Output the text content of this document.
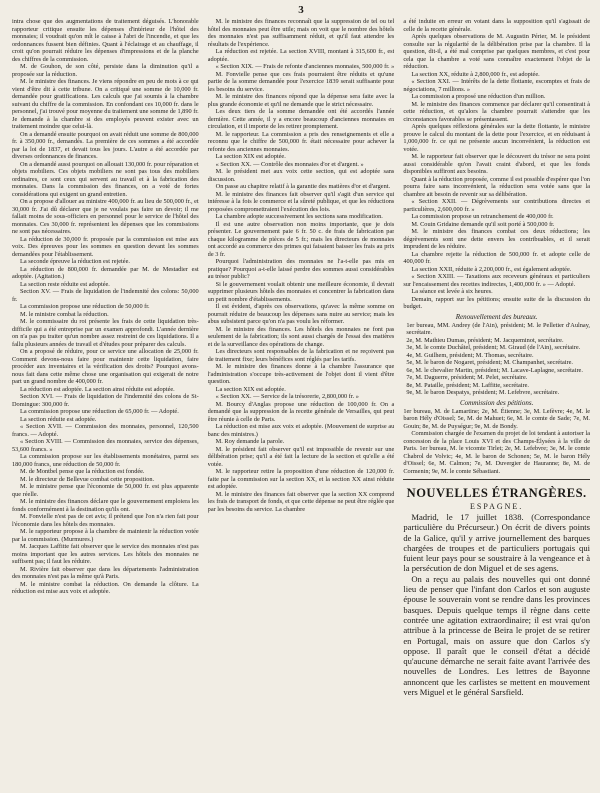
3

intra chose que des augmentations de traitement déguisés. L'honorable rapporteur critique ensuite les dépenses d'intérieur de l'hôtel des monnaies; il voudrait qu'on mît le caisse à l'abri de l'incendie, et que les ordonnances fussent bien définies. Quant à l'éclairage et au chauffage, il croit qu'on pourrait réduire les dépenses d'impressions et de la planche des chiffres de la commission.

M. de Gouhon, de son côté, persiste dans la diminution qu'il a proposée sur la réduction.

M. le ministre des finances. Je viens répondre en peu de mots à ce qui vient d'être dit à cette tribune. On a critiqué une somme de 10,000 fr. demandée pour gratifications. Les calculs que j'ai soumis à la chambre suivant du chiffre de la commission. En confondant ces 10,000 fr. dans le personnel, j'ai trouvé pour moyenne du traitement une somme de 1,890 fr. Je demande à la chambre si des employés peuvent exister avec un traitement moindre que celui-là.

On a demandé ensuite pourquoi on avait réduit une somme de 800,000 fr. à 350,000 fr., demandés. La première de ces sommes a été accordée par la loi de 1837, et devait tous les jours. L'autre a été accordée par diverses ordonnances de finances.

On a demandé aussi pourquoi on allouait 130,000 fr. pour réparation et objets mobiliers. Ces objets mobiliers ne sont pas tous des mobiliers ordinaires, ce sont ceux qui servent au travail et à la fabrication des monnaies. Dans la commission des finances, on a voté de fortes considérations qui exigent un grand entretien.

On a propose d'allouer au ministre 400,000 fr. au lieu de 500,000 fr., et 30,000 fr. J'ai dû déclarer que je ne voulais pas faire un devoir; il me fallait moins de sous-officiers en personnel pour le service de l'hôtel des monnaies. Ces 30,000 fr. représentent les dépenses que les commissions ne sont pas nécessaires.

La réduction de 30,000 fr. proposée par la commission est mise aux voix. Des épreuves pour les sommes en question devant les sommes demandées pour l'établissement.

La seconde épreuve la réduction est rejetée.

La réduction de 800,000 fr. demandée par M. de Mestadier est adoptée. (Agitation.)

La section reste réduite est adoptée.

Section XV. — Frais de liquidation de l'indemnité des colons: 50,000 fr.

La commission propose une réduction de 50,000 fr.

M. le ministre combat la réduction.

M. le commissaire du roi présente les frais de cette liquidation très-difficile qui a été entreprise par un examen approfondi. L'année dernière on n'a pas pu traiter qu'un nombre assez restreint de ces liquidations. Il a fallu plusieurs années de travail et d'études pour préparer des calculs.

On a proposé de réduire, pour ce service une allocation de 25,000 fr. Comment devons-nous faire pour maintenir cette liquidation, faire procéder aux inventaires et la vérification des droits? Pourquoi avons-nous fait dans cette même chose une organisation qui exigerait de notre part un grand nombre de 400,000 fr.

La réduction est adoptée. La section ainsi réduite est adoptée.

Section XVI. — Frais de liquidation de l'indemnité des colons de St-Domingue: 300,000 fr.

La commission propose une réduction de 65,000 fr. — Adopté.

La section réduite est adoptée.

« Section XVII. — Commission des monnaies, personnel, 120,500 francs. — Adopté.

« Section XVIII. — Commission des monnaies, service des dépenses, 53,600 francs. »

La commission propose sur les établissements monétaires, parmi ses 180,000 francs, une réduction de 50,000 fr.

M. de Montbel pense que la réduction est fondée.

M. le directeur de Bellevue combat cette proposition.

M. le ministre pense que l'économie de 50,000 fr. est plus apparente que réelle.

M. le ministre des finances déclare que le gouvernement emploiera les fonds conformément à la destination qu'ils ont.

M. Fonvielle n'est pas de cet avis; il prétend que l'on n'a rien fait pour l'économie dans les hôtels des monnaies.

M. le rapporteur propose à la chambre de maintenir la réduction votée par la commission. (Murmures.)

M. Jacques Laffitte fait observer que le service des monnaies n'est pas moins important que les autres services. Les hôtels des monnaies ne suffisent pas; il faut les réduire.

M. Rivière fait observer que dans les départements l'administration des monnaies n'est pas la même qu'à Paris.

M. le ministre combat la réduction. On demande la clôture. La réduction est mise aux voix et adoptée.

M. le ministre des finances reconnaît que la suppression de tel ou tel hôtel des monnaies peut être utile; mais on voit que le nombre des hôtels des monnaies n'est pas suffisamment réduit, et qu'il faut attendre les résultats de l'expérience.

La réduction est rejetée. La section XVIII, montant à 315,600 fr., est adoptée.

« Section XIX. — Frais de refonte d'anciennes monnaies, 500,000 fr. »

M. Fonvielle pense que ces frais pourraient être réduits et qu'une partie de la somme demandée pour l'exercice 1839 serait suffisante pour les besoins du service.

M. le ministre des finances répond que la dépense sera faite avec la plus grande économie et qu'il ne demande que le strict nécessaire.

Les deux tiers de la somme demandée ont été accordés l'année dernière. Cette année, il y a encore beaucoup d'anciennes monnaies en circulation, et il importe de les retirer promptement.

M. le rapporteur. La commission a pris des renseignements et elle a reconnu que le chiffre de 500,000 fr. était nécessaire pour achever la refonte des anciennes monnaies.

La section XIX est adoptée.

« Section XX. — Contrôle des monnaies d'or et d'argent. »

M. le président met aux voix cette section, qui est adoptée sans discussion.

On passe au chapitre relatif à la garantie des matières d'or et d'argent.

M. le ministre des finances fait observer qu'il s'agit d'un service qui intéresse à la fois le commerce et la sûreté publique, et que les réductions proposées compromettraient l'exécution des lois.

La chambre adopte successivement les sections sans modification.

Il est une autre observation non moins importante, que je dois présenter. Le gouvernement paie 6 fr. 50 c. de frais de fabrication par chaque kilogramme de pièces de 5 fr.; mais les directeurs de monnaies ont accordé au commerce des primes qui faisaient baisser les frais au prix de 3 fr.

Pourquoi l'administration des monnaies ne l'a-t-elle pas mis en pratique? Pourquoi a-t-elle laissé perdre des sommes aussi considérables au trésor public?

Si le gouvernement voulait obtenir une meilleure économie, il devrait supprimer plusieurs hôtels des monnaies et concentrer la fabrication dans un petit nombre d'établissements.

Il est évident, d'après ces observations, qu'avec la même somme on pourrait réduire de beaucoup les dépenses sans nuire au service; mais les abus subsistent parce qu'on n'a pas voulu les réformer.

M. le ministre des finances. Les hôtels des monnaies ne font pas seulement de la fabrication; ils sont aussi chargés de l'essai des matières et de la surveillance des opérations de change.

Les directeurs sont responsables de la fabrication et ne reçoivent pas de traitement fixe; leurs bénéfices sont réglés par les tarifs.

M. le ministre des finances donne à la chambre l'assurance que l'administration s'occupe très-activement de l'objet dont il vient d'être question.

La section XIX est adoptée.

« Section XX. — Service de la trésorerie, 2,800,000 fr. »

M. Bourcy d'Anglas propose une réduction de 100,000 fr. On a demandé que la suppression de la recette générale de Versailles, qui peut être réunie à celle de Paris.

La réduction est mise aux voix et adoptée. (Mouvement de surprise au banc des ministres.)

M. Roy demande la parole.

M. le président fait observer qu'il est impossible de revenir sur une délibération prise; qu'il a été fait la lecture de la section et qu'elle a été votée.

M. le rapporteur retire la proposition d'une réduction de 120,000 fr. faite par la commission sur la section XX, et la section XX ainsi réduite est adoptée.

M. le ministre des finances fait observer que la section XX comprend les frais de transport de fonds, et que cette dépense ne peut être réglée que par les besoins du service. La chambre

a été induite en erreur en votant dans la supposition qu'il s'agissait de celle de la recette générale.

Après quelques observations de M. Augustin Périer, M. le président consulte sur la régularité de la délibération prise par la chambre. Il la question, dit-il, a été mal comprise par quelques membres, et c'est pour cela que la chambre a voté sans connaître exactement l'objet de la réduction.

La section XX, réduite à 2,800,000 fr., est adoptée.

« Section XXI. — Intérêts de la dette flottante, escomptes et frais de négociations, 7 millions. »

La commission a proposé une réduction d'un million.

M. le ministre des finances commence par déclarer qu'il consentirait à cette réduction, et qu'alors la chambre pourrait s'attendre que les circonstances favorables se présentassent.

Après quelques réflexions générales sur la dette flottante, le ministre prouve le calcul du montant de la dette pour l'exercice, et en réduisant à 1,000,000 fr. ce qui ne présente aucun inconvénient, la réduction est votée.

M. le rapporteur fait observer que le découvert du trésor ne sera point aussi considérable qu'on l'avait craint d'abord, et que les fonds disponibles suffiront aux besoins.

Quant à la réduction proposée, comme il est possible d'espérer que l'on pourra faire sans inconvénient, la réduction sera votée sans que la chambre ait besoin de revenir sur sa délibération.

« Section XXII. — Dégrèvements sur contributions directes et particulières, 2,600,000 fr. »

La commission propose un retranchement de 400,000 fr.

M. Couin Gridaine demande qu'il soit porté à 500,000 fr.

M. le ministre des finances combat ces deux réductions; les dégrèvements sont une dette envers les contribuables, et il serait imprudent de les réduire.

La chambre rejette la réduction de 500,000 fr. et adopte celle de 400,000 fr.

La section XXII, réduite à 2,200,000 fr., est également adoptée.

« Section XXIII. — Taxations aux receveurs généraux et particuliers sur l'encaissement des recettes indirectes, 1,400,000 fr. » — Adopté.

La séance est levée à six heures.

Demain, rapport sur les pétitions; ensuite suite de la discussion du budget.

Renouvellement des bureaux.

1er bureau, MM. Andrey (de l'Ain), président; M. le Pelletier d'Aulnay, secrétaire.

2e, M. Mathieu Dumas, président; M. Jacqueminot, secrétaire.

3e, M. le comte Duchâtel, président; M. Giraud (de l'Ain), secrétaire.

4e, M. Guilhem, président; M. Thomas, secrétaire.

5e, M. le baron de Nogaret, président; M. Champanhet, secrétaire.

6e, M. le chevalier Martin, président; M. Lacave-Laplagne, secrétaire.

7e, M. Daguerre, président; M. Pelet, secrétaire.

8e, M. Pataille, président; M. Laffitte, secrétaire.

9e, M. le baron Despatys, président; M. Lefebvre, secrétaire.

Commission des pétitions.

1er bureau, M. de Lamartine; 2e, M. Étienne; 3e, M. Lefèvre; 4e, M. le baron Hély d'Oissel; 5e, M. de Mahuet; 6e, M. le comte de Sade; 7e, M. Gouin; 8e, M. de Puységur; 9e, M. de Bondy.

Commission chargée de l'examen du projet de loi tendant à autoriser la concession de la place Louis XVI et des Champs-Élysées à la ville de Paris. 1er bureau, M. le vicomte Tirlet; 2e, M. Lefebvre; 3e, M. le comte Chabrol de Volvic; 4e, M. le baron de Schonen; 5e, M. le baron Hély d'Oissel; 6e, M. Calmon; 7e, M. Duvergier de Hauranne; 8e, M. de Cormenin; 9e, M. le comte Sébastiani.

NOUVELLES ÉTRANGÈRES.
ESPAGNE.

Madrid, le 17 juillet 1838. (Correspondance particulière du Précurseur.) On écrit de divers points de la Galice, qu'il y arrive journellement des barques chargées de troupes et de particuliers portugais qui fuient leur pays pour se soustraire à la vengeance et à la persécution de don Miguel et de ses agens.

On a reçu au palais des nouvelles qui ont donné lieu de penser que l'infant don Carlos et son auguste épouse le souverain vont se rendre dans les provinces basques. Depuis quelque temps il règne dans cette contrée une agitation extraordinaire; il est vrai qu'on attribue à la princesse de Beira le projet de se retirer en Portugal, mais on assure que don Carlos s'y oppose. Il paraît que le conseil d'état a décidé qu'aucune démarche ne serait faite avant l'arrivée des nouvelles de Londres. Les lettres de Bayonne annoncent que les carlistes se mettent en mouvement vers Miguel et le général Sarsfield.
